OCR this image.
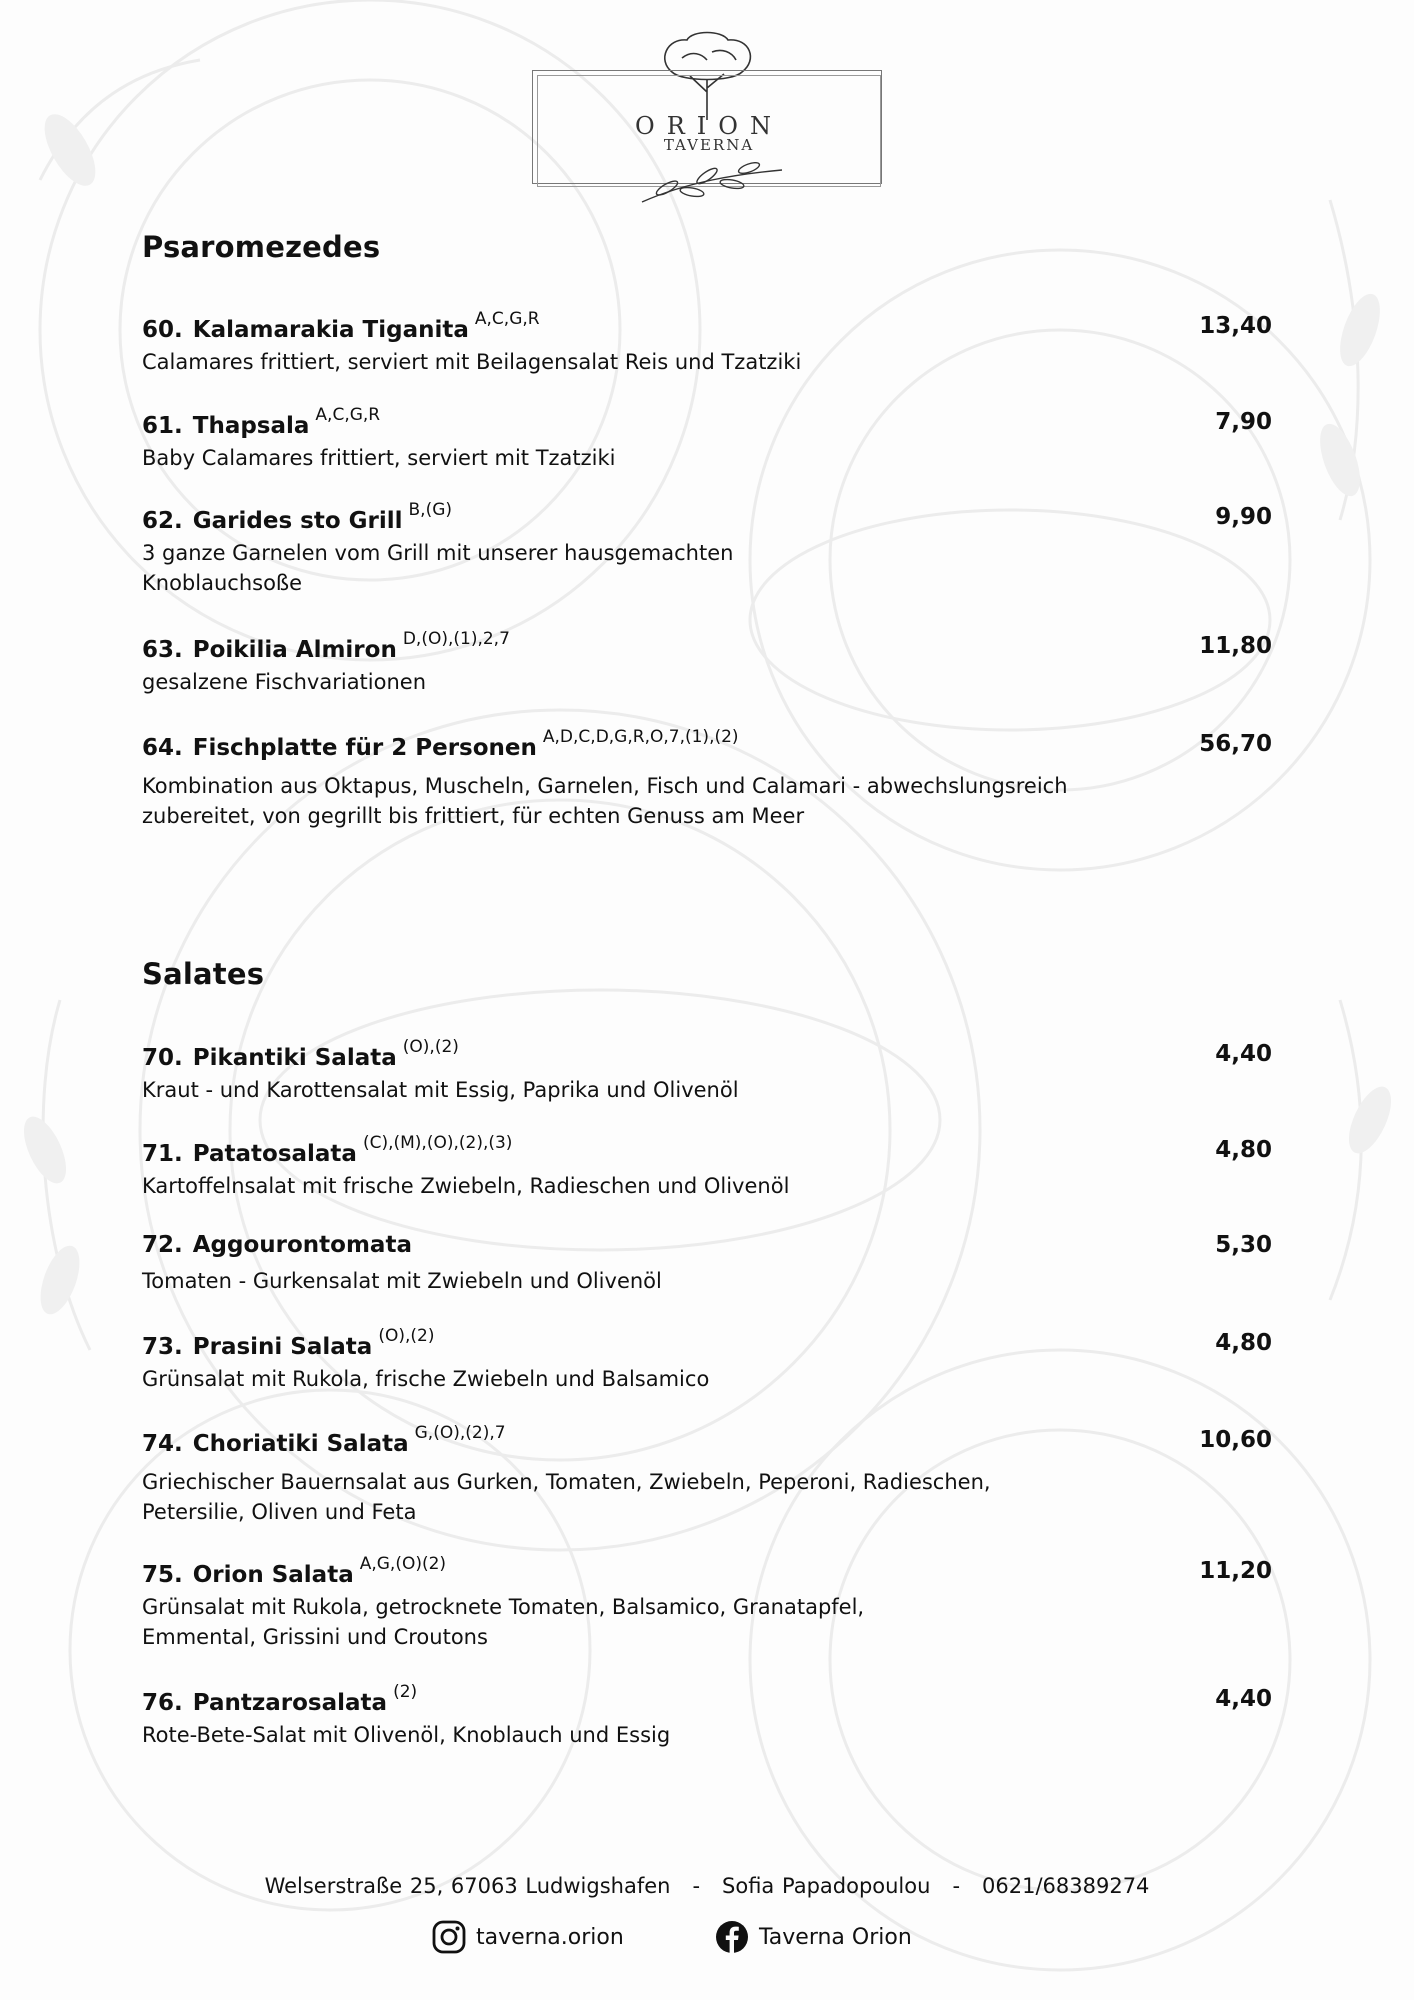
ORION
TAVERNA
Psaromezedes
60. Kalamarakia Tiganita $^{A,C,G,R}$	13,40
Calamares frittiert, serviert mit Beilagensalat Reis und Tzatziki
61. Thapsala $^{A,C,G,R}$	7,90
Baby Calamares frittiert, serviert mit Tzatziki
62. Garides sto Grill $^{B,(G)}$	9,90
3 ganze Garnelen vom Grill mit unserer hausgemachten Knoblauchsoße
63. Poikilia Almiron $^{D,(O),(1),2,7}$	11,80
gesalzene Fischvariationen
64. Fischplatte für 2 Personen $^{A,D,C,D,G,R,O,7,(1),(2)}$	56,70
Kombination aus Oktapus, Muscheln, Garnelen, Fisch und Calamari - abwechslungsreich zubereitet, von gegrillt bis frittiert, für echten Genuss am Meer
Salates
70. Pikantiki Salata $^{(O),(2)}$	4,40
Kraut - und Karottensalat mit Essig, Paprika und Olivenöl
71. Patatosalata $^{(C),(M),(O),(2),(3)}$	4,80
Kartoffelnsalat mit frische Zwiebeln, Radieschen und Olivenöl
72. Aggourontomata	5,30
Tomaten - Gurkensalat mit Zwiebeln und Olivenöl
73. Prasini Salata $^{(O),(2)}$	4,80
Grünsalat mit Rukola, frische Zwiebeln und Balsamico
74. Choriatiki Salata $^{G,(O),(2),7}$	10,60
Griechischer Bauernsalat aus Gurken, Tomaten, Zwiebeln, Peperoni, Radieschen, Petersilie, Oliven und Feta
75. Orion Salata $^{A,G,(O)(2)}$	11,20
Grünsalat mit Rukola, getrocknete Tomaten, Balsamico, Granatapfel, Emmental, Grissini und Croutons
76. Pantzarosalata $^{(2)}$	4,40
Rote-Bete-Salat mit Olivenöl, Knoblauch und Essig
Welserstraße 25, 67063 Ludwigshafen - Sofia Papadopoulou - 0621/68389274
taverna.orion	Taverna Orion
